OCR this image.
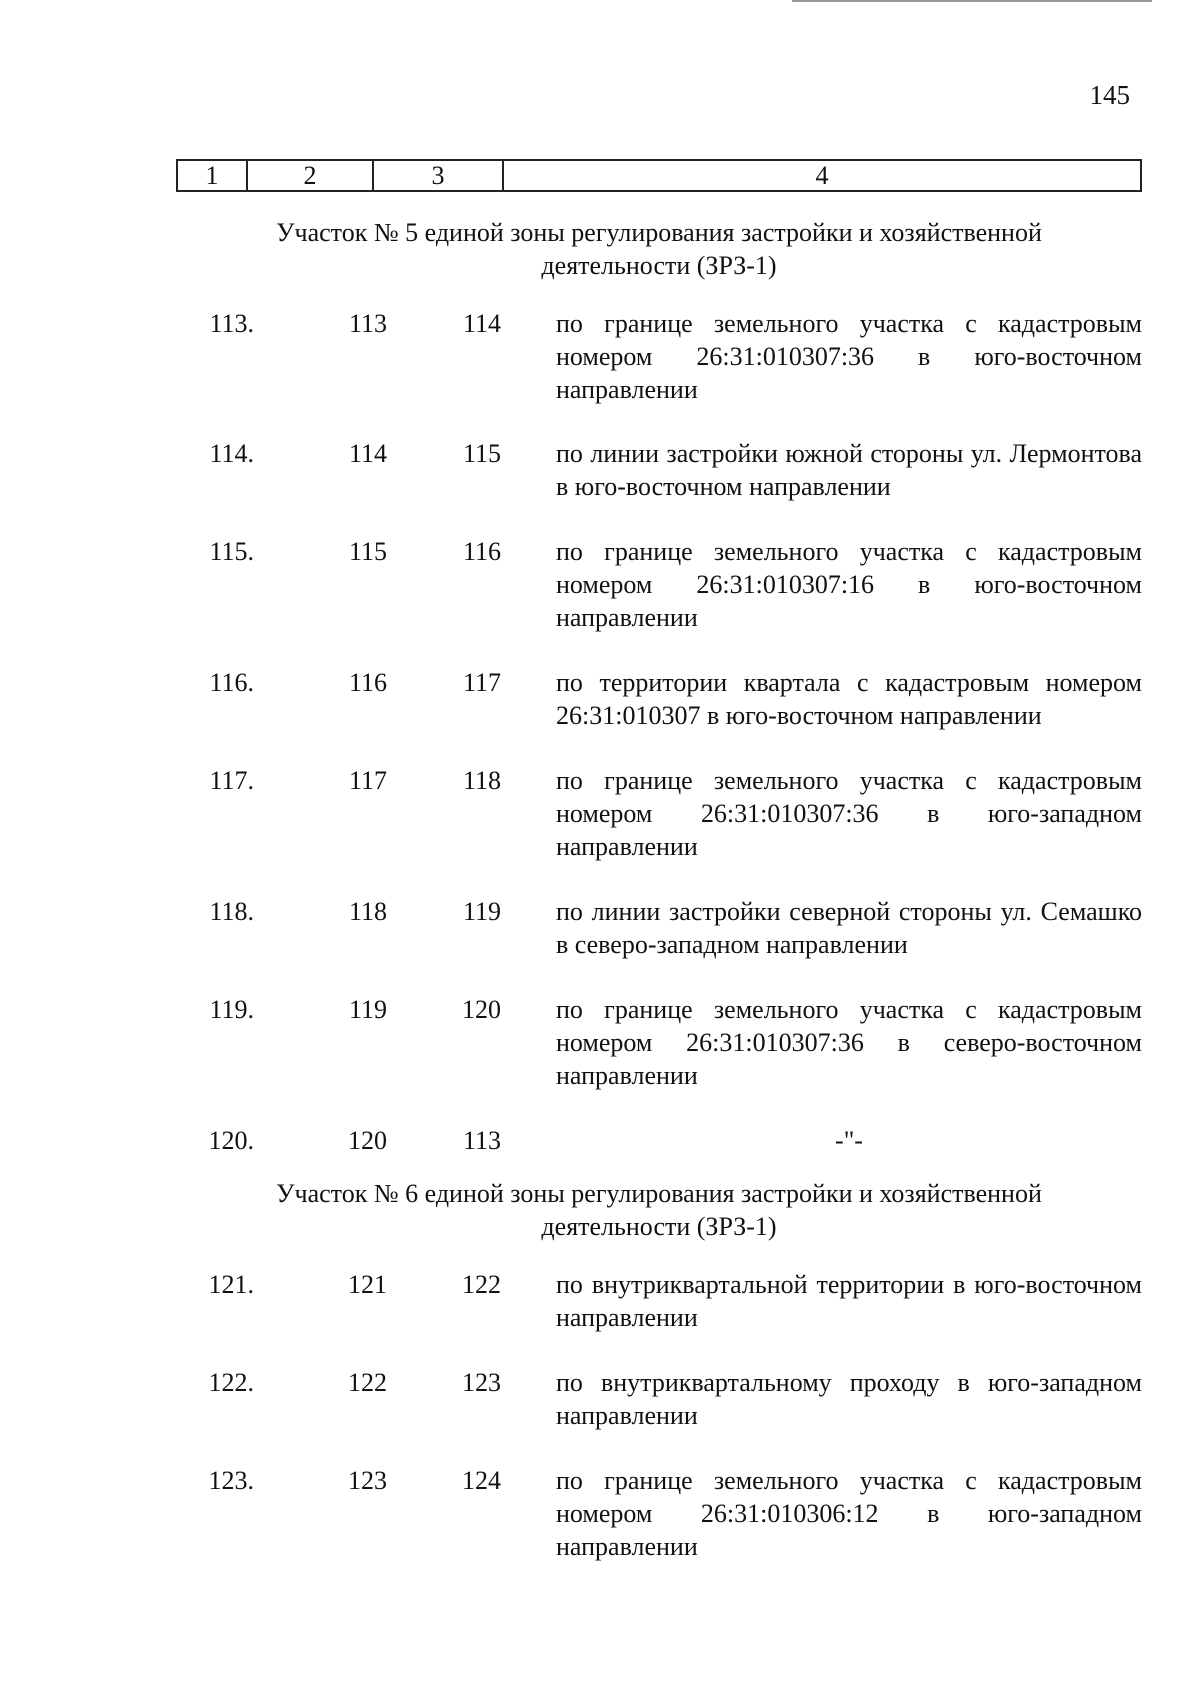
145
1	2	3	4
Участок № 5 единой зоны регулирования застройки и хозяйственной деятельности (ЗРЗ-1)
113.	113	114 по границе земельного участка с кадастровым номером 26:31:010307:36 в юго-восточном направлении
114.	114	115 по линии застройки южной стороны ул. Лермонтова в юго-восточном направлении
115.	115	116 по границе земельного участка с кадастровым номером 26:31:010307:16 в юго-восточном направлении
116.	116	117 по территории квартала с кадастровым номером 26:31:010307 в юго-восточном направлении
117.	117	118 по границе земельного участка с кадастровым номером 26:31:010307:36 в юго-западном направлении
118.	118	119 по линии застройки северной стороны ул. Семашко в северо-западном направлении
119.	119	120 по границе земельного участка с кадастровым номером 26:31:010307:36 в северо-восточном направлении
120.	120	113	-"-
Участок № 6 единой зоны регулирования застройки и хозяйственной деятельности (ЗРЗ-1)
121.	121	122 по внутриквартальной территории в юго-восточном направлении
122.	122	123 по внутриквартальному проходу в юго-западном направлении
123.	123	124 по границе земельного участка с кадастровым номером 26:31:010306:12 в юго-западном направлении
